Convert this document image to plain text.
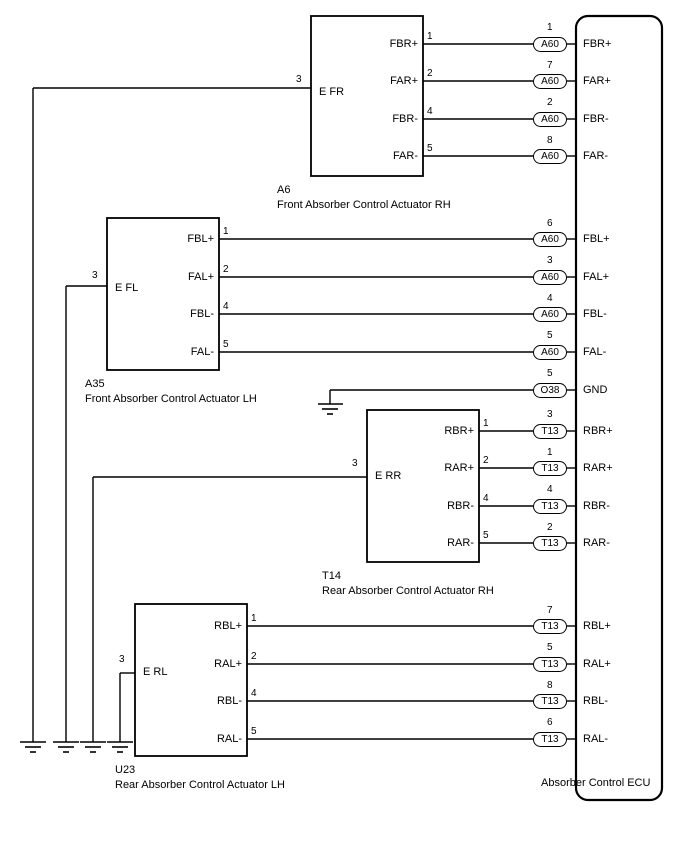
E FR
3
FBR+
1
FAR+
2
FBR-
4
FAR-
5
A6
Front Absorber Control Actuator RH
E FL
3
FBL+
1
FAL+
2
FBL-
4
FAL-
5
A35
Front Absorber Control Actuator LH
E RR
3
RBR+
1
RAR+
2
RBR-
4
RAR-
5
T14
Rear Absorber Control Actuator RH
E RL
3
RBL+
1
RAL+
2
RBL-
4
RAL-
5
U23
Rear Absorber Control Actuator LH
A60
1
FBR+
A60
7
FAR+
A60
2
FBR-
A60
8
FAR-
A60
6
FBL+
A60
3
FAL+
A60
4
FBL-
A60
5
FAL-
O38
5
GND
T13
3
RBR+
T13
1
RAR+
T13
4
RBR-
T13
2
RAR-
T13
7
RBL+
T13
5
RAL+
T13
8
RBL-
T13
6
RAL-
Absorber Control ECU
